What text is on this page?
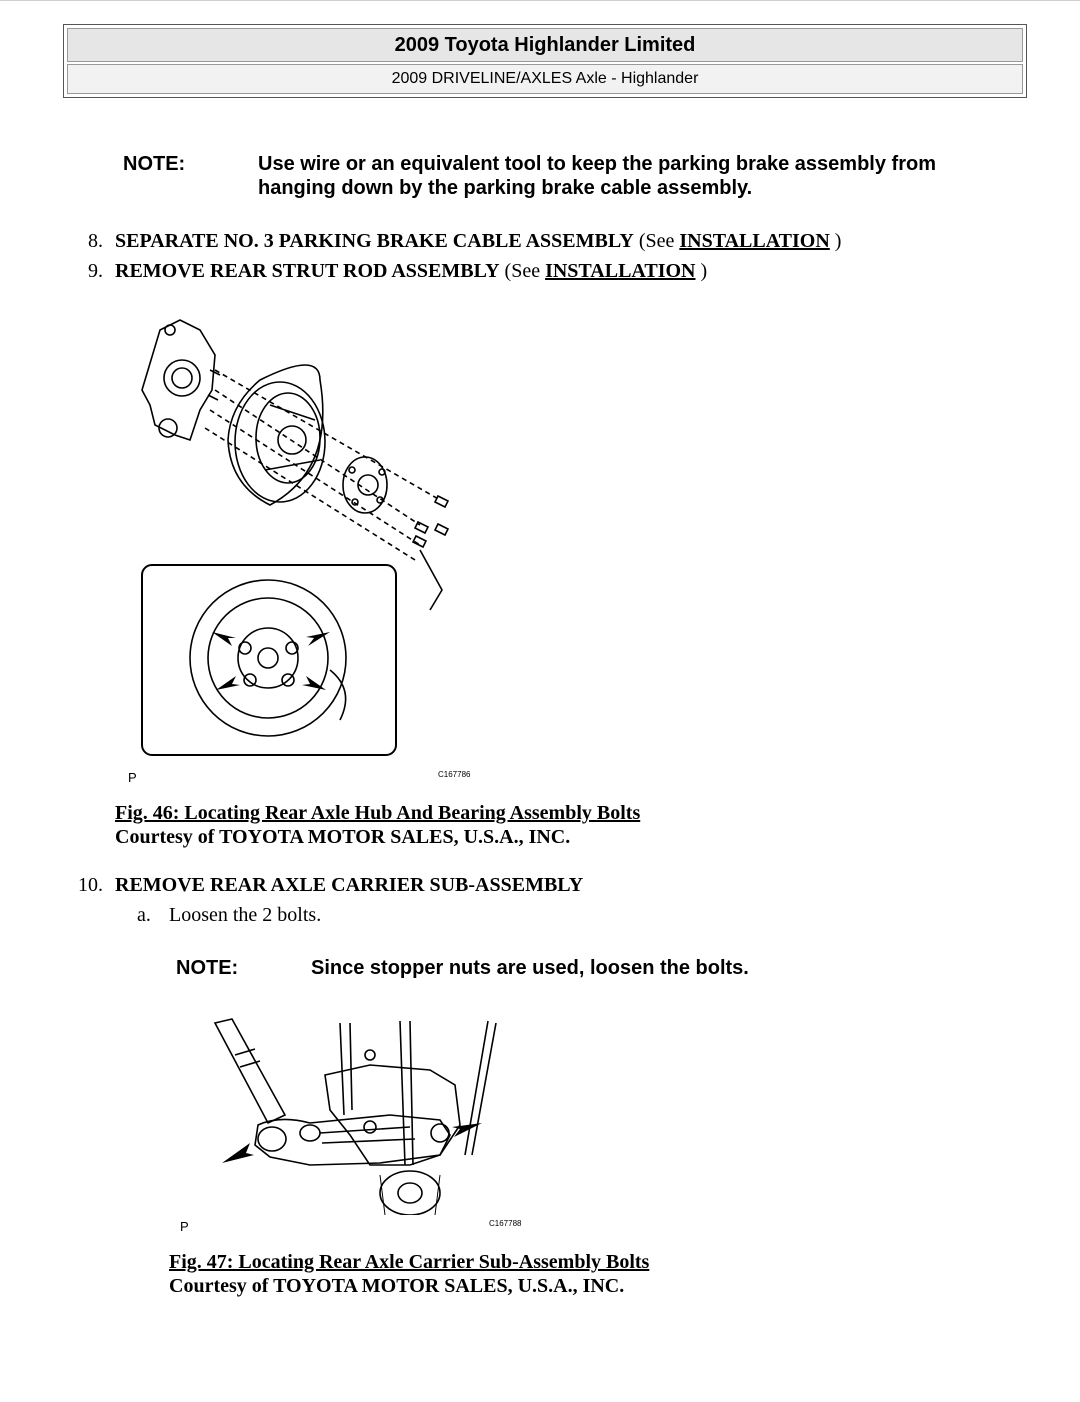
2009 Toyota Highlander Limited
2009 DRIVELINE/AXLES Axle - Highlander
NOTE:	Use wire or an equivalent tool to keep the parking brake assembly from
hanging down by the parking brake cable assembly.
8. SEPARATE NO. 3 PARKING BRAKE CABLE ASSEMBLY (See INSTALLATION )
9. REMOVE REAR STRUT ROD ASSEMBLY (See INSTALLATION )
P	C167786
Fig. 46: Locating Rear Axle Hub And Bearing Assembly Bolts
Courtesy of TOYOTA MOTOR SALES, U.S.A., INC.
10. REMOVE REAR AXLE CARRIER SUB-ASSEMBLY
a. Loosen the 2 bolts.
NOTE:	Since stopper nuts are used, loosen the bolts.
P	C167788
Fig. 47: Locating Rear Axle Carrier Sub-Assembly Bolts
Courtesy of TOYOTA MOTOR SALES, U.S.A., INC.
